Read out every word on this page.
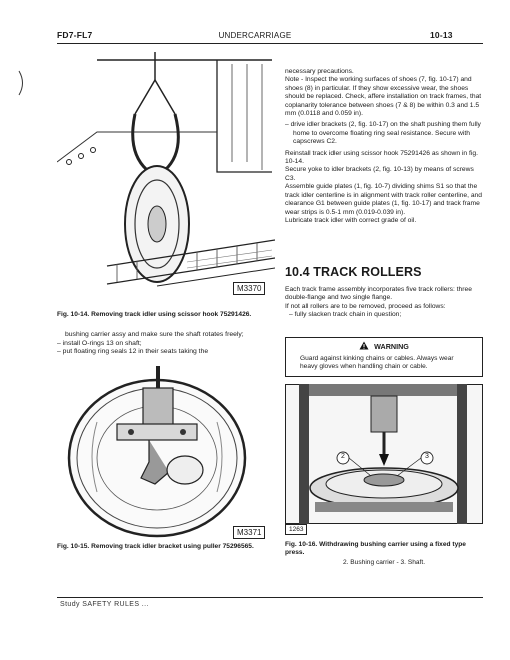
FD7-FL7	UNDERCARRIAGE	10-13
M3370
Fig. 10-14. Removing track idler using scissor hook 75291426.

bushing carrier assy and make sure the shaft rotates freely;

– install O-rings 13 on shaft;

– put floating ring seals 12 in their seats taking the

M3371
Fig. 10-15. Removing track idler bracket using puller 75296565.

necessary precautions.

Note - Inspect the working surfaces of shoes (7, fig. 10-17) and shoes (8) in particular. If they show excessive wear, the shoes should be replaced. Check, affere installation on track frames, that coplanarity tolerance between shoes (7 & 8) be within 0.3 and 1.5 mm (0.0118 and 0.059 in).

– drive idler brackets (2, fig. 10-17) on the shaft pushing them fully home to overcome floating ring seal resistance. Secure with capscrews C2.

Reinstall track idler using scissor hook 75291426 as shown in fig. 10-14.

Secure yoke to idler brackets (2, fig. 10-13) by means of screws C3.

Assemble guide plates (1, fig. 10-7) dividing shims S1 so that the track idler centerline is in alignment with track roller centerline, and clearance G1 between guide plates (1, fig. 10-17) and track frame wear strips is 0.5-1 mm (0.019-0.039 in).

Lubricate track idler with correct grade of oil.

10.4 TRACK ROLLERS

Each track frame assembly incorporates five track rollers: three double-flange and two single flange.

If not all rollers are to be removed, proceed as follows:

– fully slacken track chain in question;

WARNING
Guard against kinking chains or cables. Always wear heavy gloves when handling chain or cable.
2	3
1263
Fig. 10-16. Withdrawing bushing carrier using a fixed type press.
2. Bushing carrier - 3. Shaft.
Study SAFETY RULES ...
